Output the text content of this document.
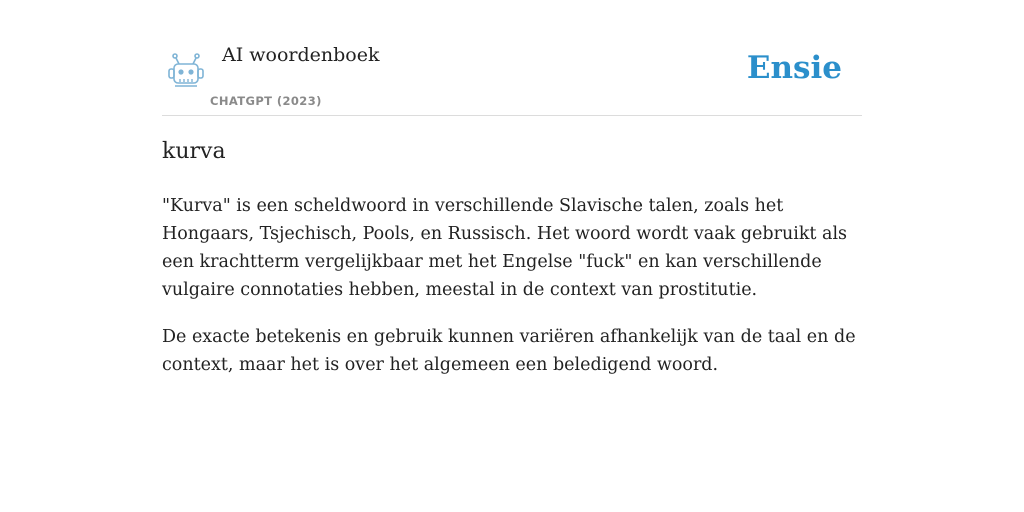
AI woordenboek
CHATGPT (2023)
Ensie
kurva

"Kurva" is een scheldwoord in verschillende Slavische talen, zoals het Hongaars, Tsjechisch, Pools, en Russisch. Het woord wordt vaak gebruikt als een krachtterm vergelijkbaar met het Engelse "fuck" en kan verschillende vulgaire connotaties hebben, meestal in de context van prostitutie.

De exacte betekenis en gebruik kunnen variëren afhankelijk van de taal en de context, maar het is over het algemeen een beledigend woord.
